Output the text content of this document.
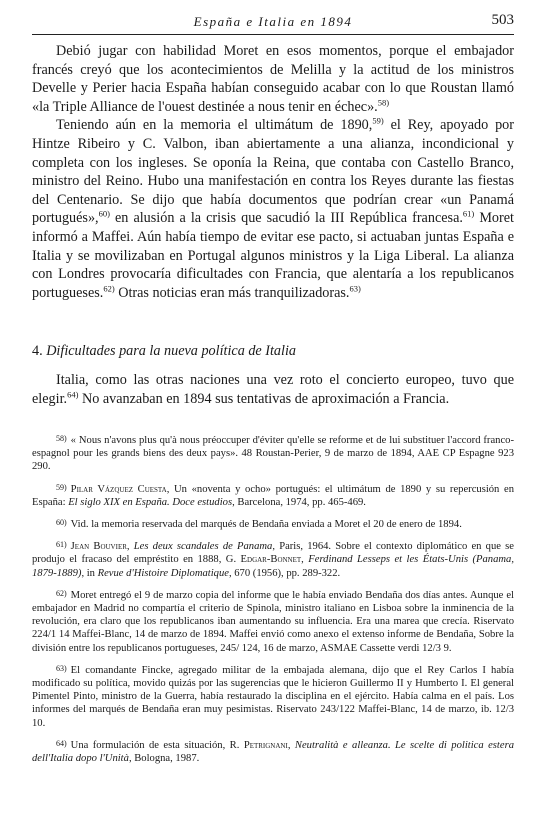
España e Italia en 1894	503

Debió jugar con habilidad Moret en esos momentos, porque el embajador francés creyó que los acontecimientos de Melilla y la actitud de los ministros Develle y Perier hacia España habían conseguido acabar con lo que Roustan llamó «la Triple Alliance de l'ouest destinée a nous tenir en échec».$^{58)}$

Teniendo aún en la memoria el ultimátum de 1890,$^{59)}$ el Rey, apoyado por Hintze Ribeiro y C. Valbon, iban abiertamente a una alianza, incondicional y completa con los ingleses. Se oponía la Reina, que contaba con Castello Branco, ministro del Reino. Hubo una manifestación en contra los Reyes durante las fiestas del Centenario. Se dijo que había documentos que podrían crear «un Panamá portugués»,$^{60)}$ en alusión a la crisis que sacudió la III República francesa.$^{61)}$ Moret informó a Maffei. Aún había tiempo de evitar ese pacto, si actuaban juntas España e Italia y se movilizaban en Portugal algunos ministros y la Liga Liberal. La alianza con Londres provocaría dificultades con Francia, que alentaría a los republicanos portugueses.$^{62)}$ Otras noticias eran más tranquilizadoras.$^{63)}$

4. Dificultades para la nueva política de Italia

Italia, como las otras naciones una vez roto el concierto europeo, tuvo que elegir.$^{64)}$ No avanzaban en 1894 sus tentativas de aproximación a Francia.

58) « Nous n'avons plus qu'à nous préoccuper d'éviter qu'elle se reforme et de lui substituer l'accord franco-espagnol pour les grands biens des deux pays». 48 Roustan-Perier, 9 de marzo de 1894, AAE CP Espagne 923 290.

59) Pilar Vázquez Cuesta, Un «noventa y ocho» portugués: el ultimátum de 1890 y su repercusión en España: El siglo XIX en España. Doce estudios, Barcelona, 1974, pp. 465-469.

60) Vid. la memoria reservada del marqués de Bendaña enviada a Moret el 20 de enero de 1894.

61) Jean Bouvier, Les deux scandales de Panama, Paris, 1964. Sobre el contexto diplomático en que se produjo el fracaso del empréstito en 1888, G. Edgar-Bonnet, Ferdinand Lesseps et les États-Unis (Panama, 1879-1889), in Revue d'Histoire Diplomatique, 670 (1956), pp. 289-322.

62) Moret entregó el 9 de marzo copia del informe que le había enviado Bendaña dos días antes. Aunque el embajador en Madrid no compartía el criterio de Spinola, ministro italiano en Lisboa sobre la inminencia de la revolución, era claro que los republicanos iban aumentando su influencia. Era una marea que crecía. Riservato 224/1 14 Maffei-Blanc, 14 de marzo de 1894. Maffei envió como anexo el extenso informe de Bendaña, Sobre la división entre los republicanos portugueses, 245/ 124, 16 de marzo, ASMAE Cassette verdi 12/3 9.

63) El comandante Fincke, agregado militar de la embajada alemana, dijo que el Rey Carlos I había modificado su política, movido quizás por las sugerencias que le hicieron Guillermo II y Humberto I. El general Pimentel Pinto, ministro de la Guerra, había restaurado la disciplina en el ejército. Había calma en el país. Los informes del marqués de Bendaña eran muy pesimistas. Riservato 243/122 Maffei-Blanc, 14 de marzo, ib. 12/3 10.

64) Una formulación de esta situación, R. Petrignani, Neutralità e alleanza. Le scelte di politica estera dell'Italia dopo l'Unità, Bologna, 1987.
